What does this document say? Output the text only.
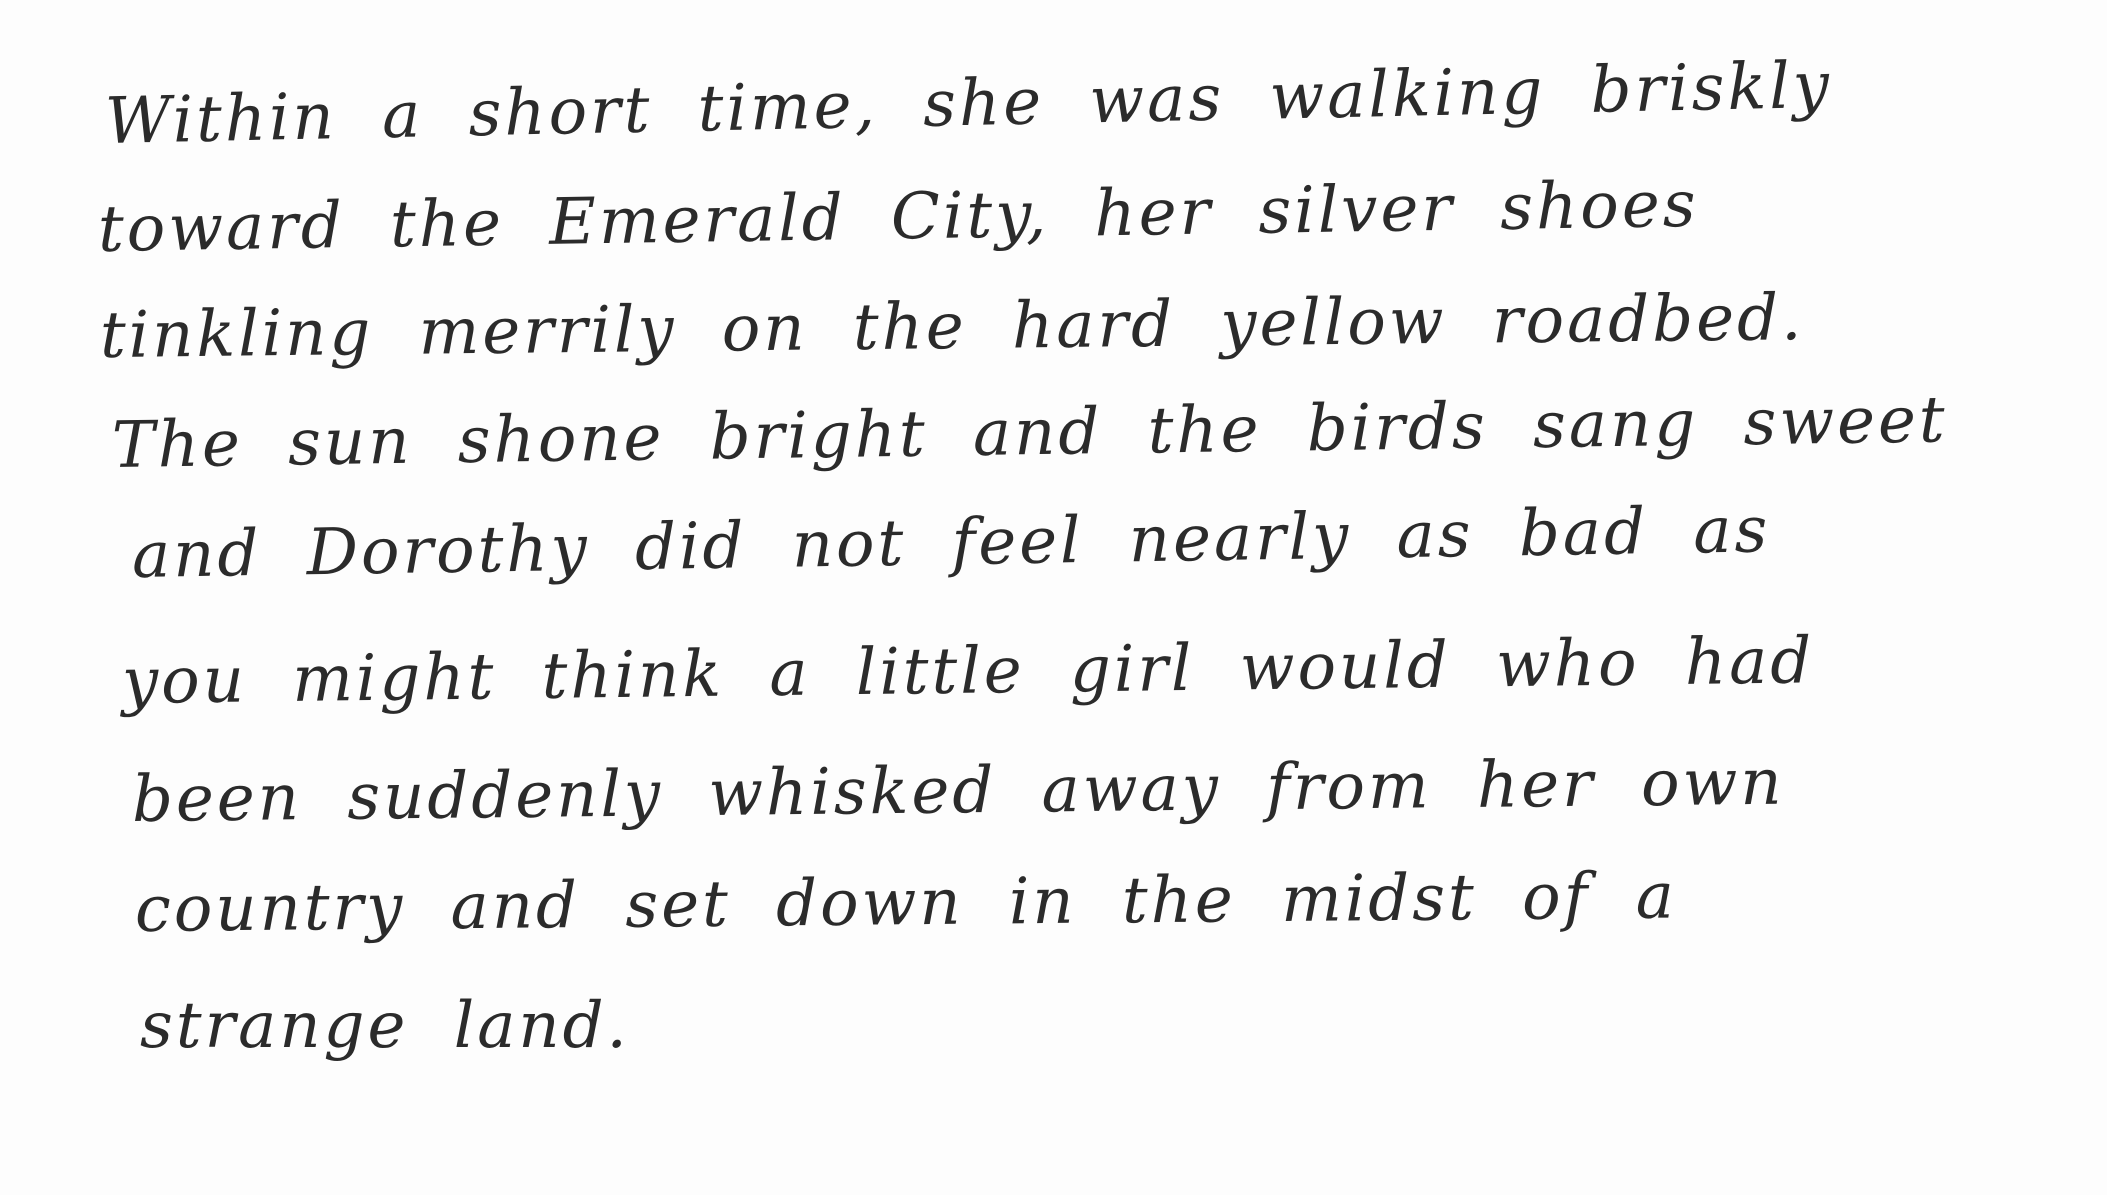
Within a short time, she was walking briskly
toward the Emerald City, her silver shoes
tinkling merrily on the hard yellow roadbed.
The sun shone bright and the birds sang sweet
and Dorothy did not feel nearly as bad as
you might think a little girl would who had
been suddenly whisked away from her own
country and set down in the midst of a
strange land.
